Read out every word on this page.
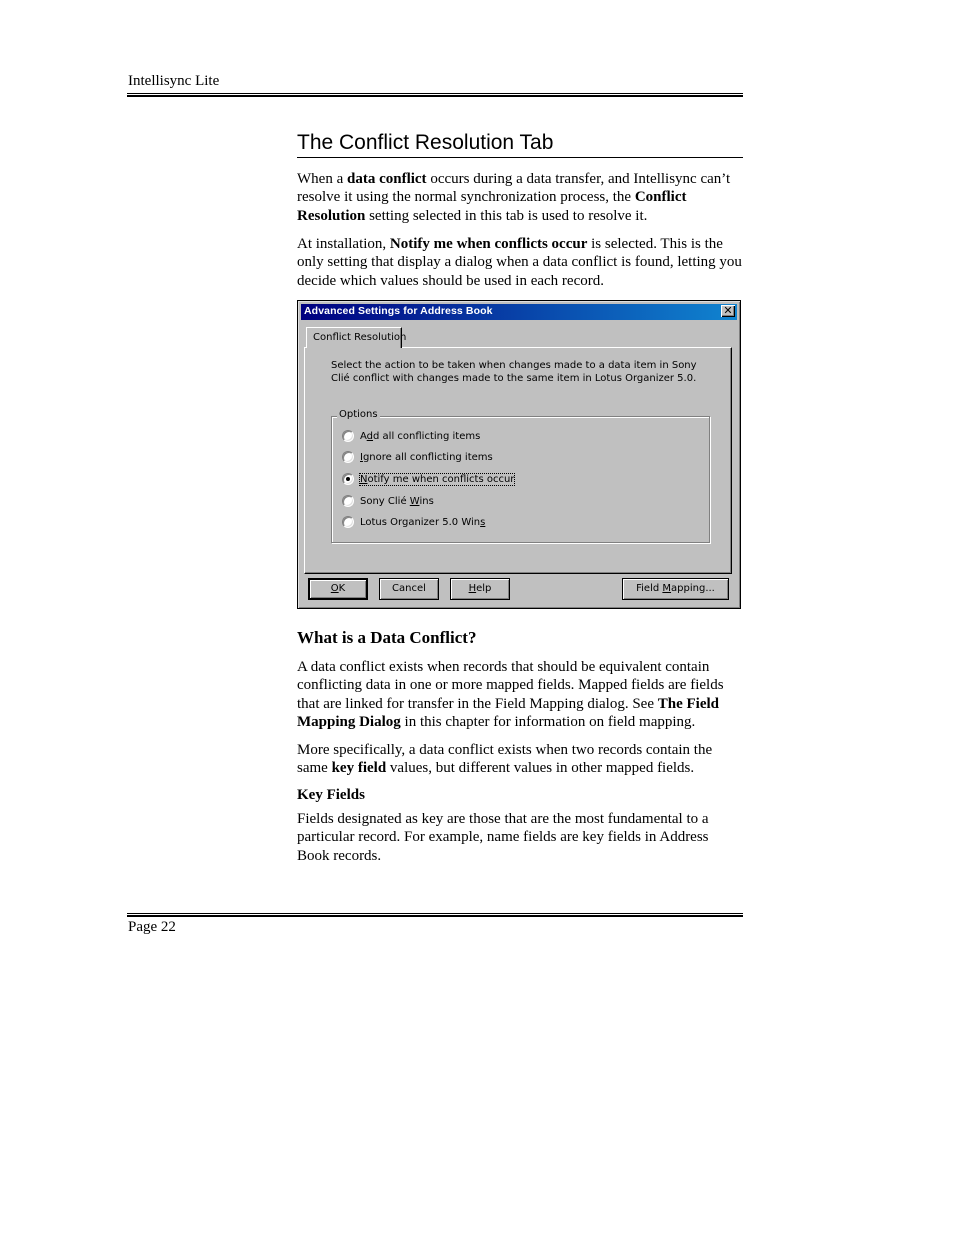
Intellisync Lite
The Conflict Resolution Tab

When a data conflict occurs during a data transfer, and Intellisync can’t resolve it using the normal synchronization process, the Conflict Resolution setting selected in this tab is used to resolve it.

At installation, Notify me when conflicts occur is selected. This is the only setting that display a dialog when a data conflict is found, letting you decide which values should be used in each record.

Advanced Settings for Address Book	✕
Conflict Resolution
Select the action to be taken when changes made to a data item in Sony Clié conflict with changes made to the same item in Lotus Organizer 5.0.
Options
Add all conflicting items
Ignore all conflicting items
Notify me when conflicts occur
Sony Clié Wins
Lotus Organizer 5.0 Wins
OK	Cancel	Help	Field Mapping...
What is a Data Conflict?

A data conflict exists when records that should be equivalent contain conflicting data in one or more mapped fields. Mapped fields are fields that are linked for transfer in the Field Mapping dialog. See The Field Mapping Dialog in this chapter for information on field mapping.

More specifically, a data conflict exists when two records contain the same key field values, but different values in other mapped fields.

Key Fields

Fields designated as key are those that are the most fundamental to a particular record. For example, name fields are key fields in Address Book records.

Page 22
